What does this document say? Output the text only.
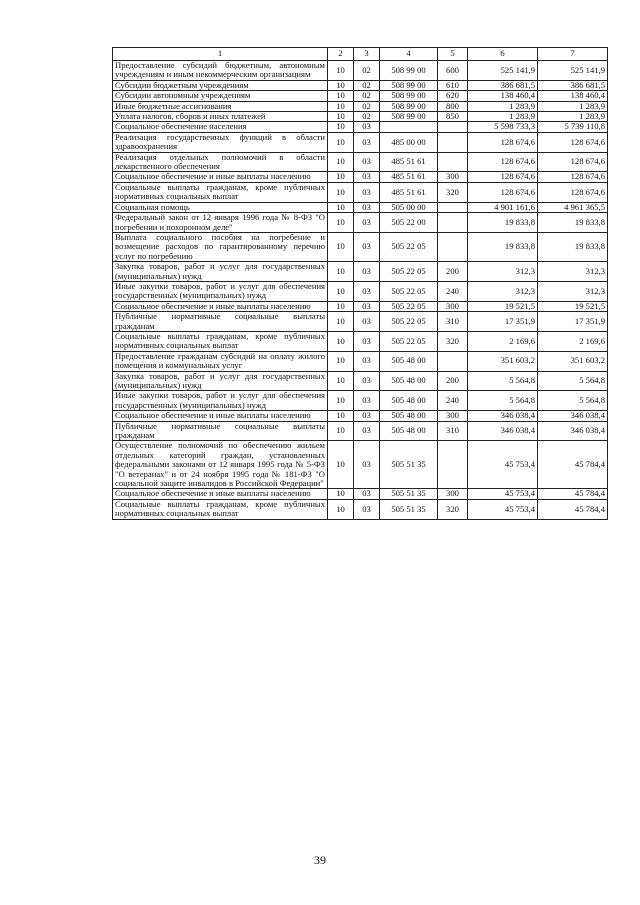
1	2	3	4	5	6	7
Предоставление субсидий бюджетным, автономным учреждениям и иным некоммерческим организациям	10	02	508 99 00	600	525 141,9	525 141,9
Субсидии бюджетным учреждениям	10	02	508 99 00	610	386 681,5	386 681,5
Субсидии автономным учреждениям	10	02	508 99 00	620	138 460,4	138 460,4
Иные бюджетные ассигнования	10	02	508 99 00	800	1 283,9	1 283,9
Уплата налогов, сборов и иных платежей	10	02	508 99 00	850	1 283,9	1 283,9
Социальное обеспечение населения	10	03			5 598 733,3	5 739 110,8
Реализация государственных функций в области здравоохранения	10	03	485 00 00		128 674,6	128 674,6
Реализация отдельных полномочий в области лекарственного обеспечения	10	03	485 51 61		128 674,6	128 674,6
Социальное обеспечение и иные выплаты населению	10	03	485 51 61	300	128 674,6	128 674,6
Социальные выплаты гражданам, кроме публичных нормативных социальных выплат	10	03	485 51 61	320	128 674,6	128 674,6
Социальная помощь	10	03	505 00 00		4 901 161,6	4 961 365,5
Федеральный закон от 12 января 1996 года № 8-ФЗ "О погребении и похоронном деле"	10	03	505 22 00		19 833,8	19 833,8
Выплата социального пособия на погребение и возмещение расходов по гарантированному перечню услуг по погребению	10	03	505 22 05		19 833,8	19 833,8
Закупка товаров, работ и услуг для государственных (муниципальных) нужд	10	03	505 22 05	200	312,3	312,3
Иные закупки товаров, работ и услуг для обеспечения государственных (муниципальных) нужд	10	03	505 22 05	240	312,3	312,3
Социальное обеспечение и иные выплаты населению	10	03	505 22 05	300	19 521,5	19 521,5
Публичные нормативные социальные выплаты гражданам	10	03	505 22 05	310	17 351,9	17 351,9
Социальные выплаты гражданам, кроме публичных нормативных социальных выплат	10	03	505 22 05	320	2 169,6	2 169,6
Предоставление гражданам субсидий на оплату жилого помещения и коммунальных услуг	10	03	505 48 00		351 603,2	351 603,2
Закупка товаров, работ и услуг для государственных (муниципальных) нужд	10	03	505 48 00	200	5 564,8	5 564,8
Иные закупки товаров, работ и услуг для обеспечения государственных (муниципальных) нужд	10	03	505 48 00	240	5 564,8	5 564,8
Социальное обеспечение и иные выплаты населению	10	03	505 48 00	300	346 038,4	346 038,4
Публичные нормативные социальные выплаты гражданам	10	03	505 48 00	310	346 038,4	346 038,4
Осуществление полномочий по обеспечению жильем отдельных категорий граждан, установленных федеральными законами от 12 января 1995 года № 5-ФЗ "О ветеранах" и от 24 ноября 1995 года № 181-ФЗ "О социальной защите инвалидов в Российской Федерации"	10	03	505 51 35		45 753,4	45 784,4
Социальное обеспечение и иные выплаты населению	10	03	505 51 35	300	45 753,4	45 784,4
Социальные выплаты гражданам, кроме публичных нормативных социальных выплат	10	03	505 51 35	320	45 753,4	45 784,4
39
